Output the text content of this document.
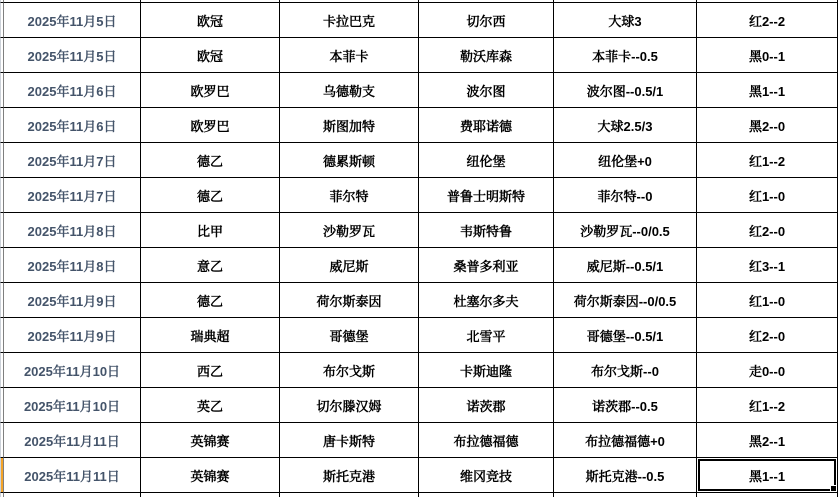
2025年11月5日	欧冠	卡拉巴克	切尔西	大球3	红2--2
2025年11月5日	欧冠	本菲卡	勒沃库森	本菲卡--0.5	黑0--1
2025年11月6日	欧罗巴	乌德勒支	波尔图	波尔图--0.5/1	黑1--1
2025年11月6日	欧罗巴	斯图加特	费耶诺德	大球2.5/3	黑2--0
2025年11月7日	德乙	德累斯顿	纽伦堡	纽伦堡+0	红1--2
2025年11月7日	德乙	菲尔特	普鲁士明斯特	菲尔特--0	红1--0
2025年11月8日	比甲	沙勒罗瓦	韦斯特鲁	沙勒罗瓦--0/0.5	红2--0
2025年11月8日	意乙	威尼斯	桑普多利亚	威尼斯--0.5/1	红3--1
2025年11月9日	德乙	荷尔斯泰因	杜塞尔多夫	荷尔斯泰因--0/0.5	红1--0
2025年11月9日	瑞典超	哥德堡	北雪平	哥德堡--0.5/1	红2--0
2025年11月10日	西乙	布尔戈斯	卡斯迪隆	布尔戈斯--0	走0--0
2025年11月10日	英乙	切尔滕汉姆	诺茨郡	诺茨郡--0.5	红1--2
2025年11月11日	英锦赛	唐卡斯特	布拉德福德	布拉德福德+0	黑2--1
2025年11月11日	英锦赛	斯托克港	维冈竞技	斯托克港--0.5	黑1--1
